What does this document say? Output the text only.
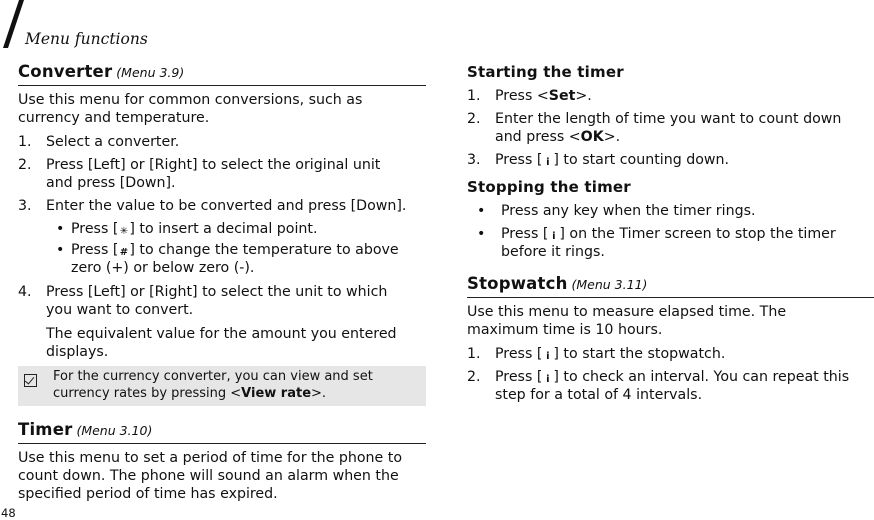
Menu functions
Converter (Menu 3.9)
Use this menu for common conversions, such as
currency and temperature.
1. Select a converter.
2. Press [Left] or [Right] to select the original unit
and press [Down].
3. Enter the value to be converted and press [Down].
• Press [✳] to insert a decimal point.
• Press [#] to change the temperature to above
zero (+) or below zero (-).
4. Press [Left] or [Right] to select the unit to which
you want to convert.
The equivalent value for the amount you entered
displays.
For the currency converter, you can view and set
currency rates by pressing <View rate>.
Timer (Menu 3.10)
Use this menu to set a period of time for the phone to
count down. The phone will sound an alarm when the
specified period of time has expired.
Starting the timer
1. Press <Set>.
2. Enter the length of time you want to count down
and press <OK>.
3. Press [ i ] to start counting down.
Stopping the timer
• Press any key when the timer rings.
• Press [ i ] on the Timer screen to stop the timer
before it rings.
Stopwatch (Menu 3.11)
Use this menu to measure elapsed time. The
maximum time is 10 hours.
1. Press [ i ] to start the stopwatch.
2. Press [ i ] to check an interval. You can repeat this
step for a total of 4 intervals.
48
